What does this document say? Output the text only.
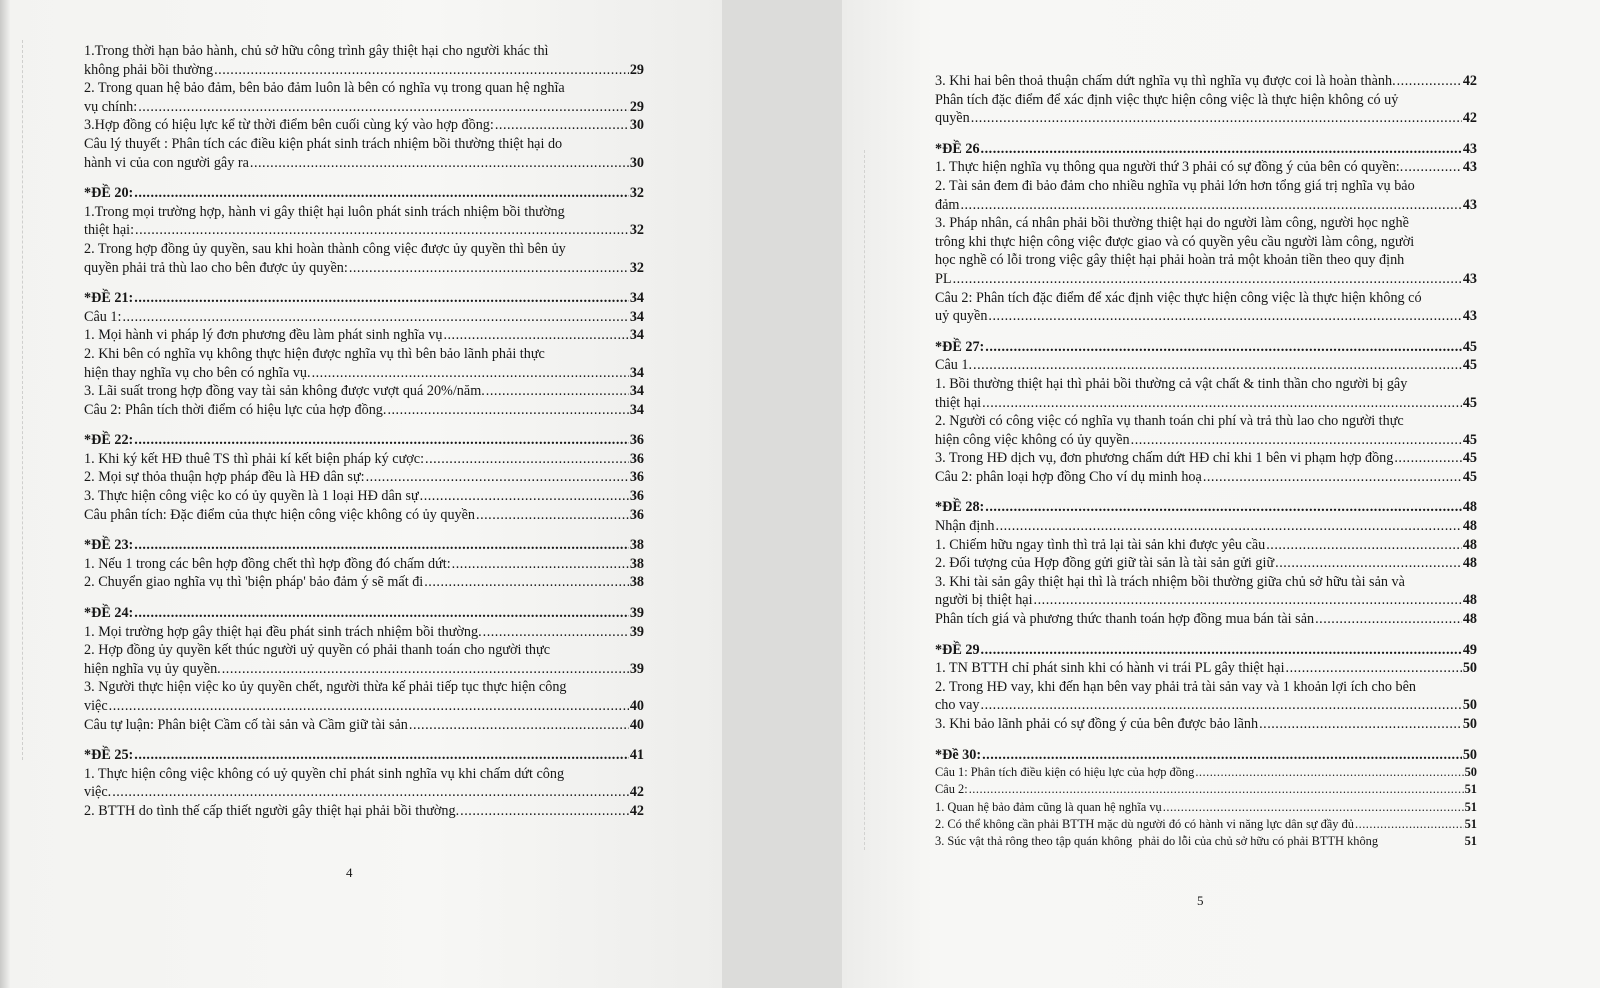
1.Trong thời hạn bảo hành, chủ sở hữu công trình gây thiệt hại cho người khác thì
không phải bồi thường .....	29
2. Trong quan hệ bảo đảm, bên bảo đảm luôn là bên có nghĩa vụ trong quan hệ nghĩa
vụ chính: .....	29
3.Hợp đồng có hiệu lực kể từ thời điểm bên cuối cùng ký vào hợp đồng: .....	30
Câu lý thuyết : Phân tích các điều kiện phát sinh trách nhiệm bồi thường thiệt hại do
hành vi của con người gây ra .....	30
*ĐỀ 20: .....	32
1.Trong mọi trường hợp, hành vi gây thiệt hại luôn phát sinh trách nhiệm bồi thường
thiệt hại: .....	32
2. Trong hợp đồng ủy quyền, sau khi hoàn thành công việc được ủy quyền thì bên ủy
quyền phải trả thù lao cho bên được ủy quyền: .....	32
*ĐỀ 21: .....	34
Câu 1: .....	34
1. Mọi hành vi pháp lý đơn phương đều làm phát sinh nghĩa vụ .....	34
2. Khi bên có nghĩa vụ không thực hiện được nghĩa vụ thì bên bảo lãnh phải thực
hiện thay nghĩa vụ cho bên có nghĩa vụ. .....	34
3. Lãi suất trong hợp đồng vay tài sản không được vượt quá 20%/năm. .....	34
Câu 2: Phân tích thời điểm có hiệu lực của hợp đồng. .....	34
*ĐỀ 22: .....	36
1. Khi ký kết HĐ thuê TS thì phải kí kết biện pháp ký cược: .....	36
2. Mọi sự thỏa thuận hợp pháp đều là HĐ dân sự: .....	36
3. Thực hiện công việc ko có ủy quyền là 1 loại HĐ dân sự .....	36
Câu phân tích: Đặc điểm của thực hiện công việc không có ủy quyền .....	36
*ĐỀ 23: .....	38
1. Nếu 1 trong các bên hợp đồng chết thì hợp đồng đó chấm dứt: .....	38
2. Chuyển giao nghĩa vụ thì 'biện pháp' bảo đảm ý sẽ mất đi .....	38
*ĐỀ 24: .....	39
1. Mọi trường hợp gây thiệt hại đều phát sinh trách nhiệm bồi thường. .....	39
2. Hợp đồng ủy quyền kết thúc người uỷ quyền có phải thanh toán cho người thực
hiện nghĩa vụ ủy quyền. .....	39
3. Người thực hiện việc ko ủy quyền chết, người thừa kế phải tiếp tục thực hiện công
việc .....	40
Câu tự luận: Phân biệt Cầm cố tài sản và Cầm giữ tài sản .....	40
*ĐỀ 25: .....	41
1. Thực hiện công việc không có uỷ quyền chỉ phát sinh nghĩa vụ khi chấm dứt công
việc. .....	42
2. BTTH do tình thế cấp thiết người gây thiệt hại phải bồi thường. .....	42
4
3. Khi hai bên thoả thuận chấm dứt nghĩa vụ thì nghĩa vụ được coi là hoàn thành. .....	42
Phân tích đặc điểm để xác định việc thực hiện công việc là thực hiện không có uỷ
quyền .....	42
*ĐỀ 26 .....	43
1. Thực hiện nghĩa vụ thông qua người thứ 3 phải có sự đồng ý của bên có quyền:. .....	43
2. Tài sản đem đi bảo đảm cho nhiều nghĩa vụ phải lớn hơn tổng giá trị nghĩa vụ bảo
đảm .....	43
3. Pháp nhân, cá nhân phải bồi thường thiệt hại do người làm công, người học nghề
trông khi thực hiện công việc được giao và có quyền yêu cầu người làm công, người
học nghề có lỗi trong việc gây thiệt hại phải hoàn trả một khoản tiền theo quy định
PL .....	43
Câu 2: Phân tích đặc điểm để xác định việc thực hiện công việc là thực hiện không có
uỷ quyền .....	43
*ĐỀ 27: .....	45
Câu 1. .....	45
1. Bồi thường thiệt hại thì phải bồi thường cả vật chất & tinh thần cho người bị gây
thiệt hại .....	45
2. Người có công việc có nghĩa vụ thanh toán chi phí và trả thù lao cho người thực
hiện công việc không có ủy quyền .....	45
3. Trong HĐ dịch vụ, đơn phương chấm dứt HĐ chỉ khi 1 bên vi phạm hợp đồng .....	45
Câu 2: phân loại hợp đồng Cho ví dụ minh hoạ .....	45
*ĐỀ 28: .....	48
Nhận định .....	48
1. Chiếm hữu ngay tình thì trả lại tài sản khi được yêu cầu .....	48
2. Đối tượng của Hợp đồng gửi giữ tài sản là tài sản gửi giữ .....	48
3. Khi tài sản gây thiệt hại thì là trách nhiệm bồi thường giữa chủ sở hữu tài sản và
người bị thiệt hại .....	48
Phân tích giá và phương thức thanh toán hợp đồng mua bán tài sản .....	48
*ĐỀ 29 .....	49
1. TN BTTH chỉ phát sinh khi có hành vi trái PL gây thiệt hại .....	50
2. Trong HĐ vay, khi đến hạn bên vay phải trả tài sản vay và 1 khoản lợi ích cho bên
cho vay .....	50
3. Khi bảo lãnh phải có sự đồng ý của bên được bảo lãnh .....	50
*Đề 30: .....	50
Câu 1: Phân tích điều kiện có hiệu lực của hợp đồng .....	50
Câu 2: .....	51
1. Quan hệ bảo đảm cũng là quan hệ nghĩa vụ .....	51
2. Có thể không cần phải BTTH mặc dù người đó có hành vi năng lực dân sự đầy đủ .....	51
3. Súc vật thả rông theo tập quán không  phải do lỗi của chủ sở hữu có phải BTTH không	51
5
